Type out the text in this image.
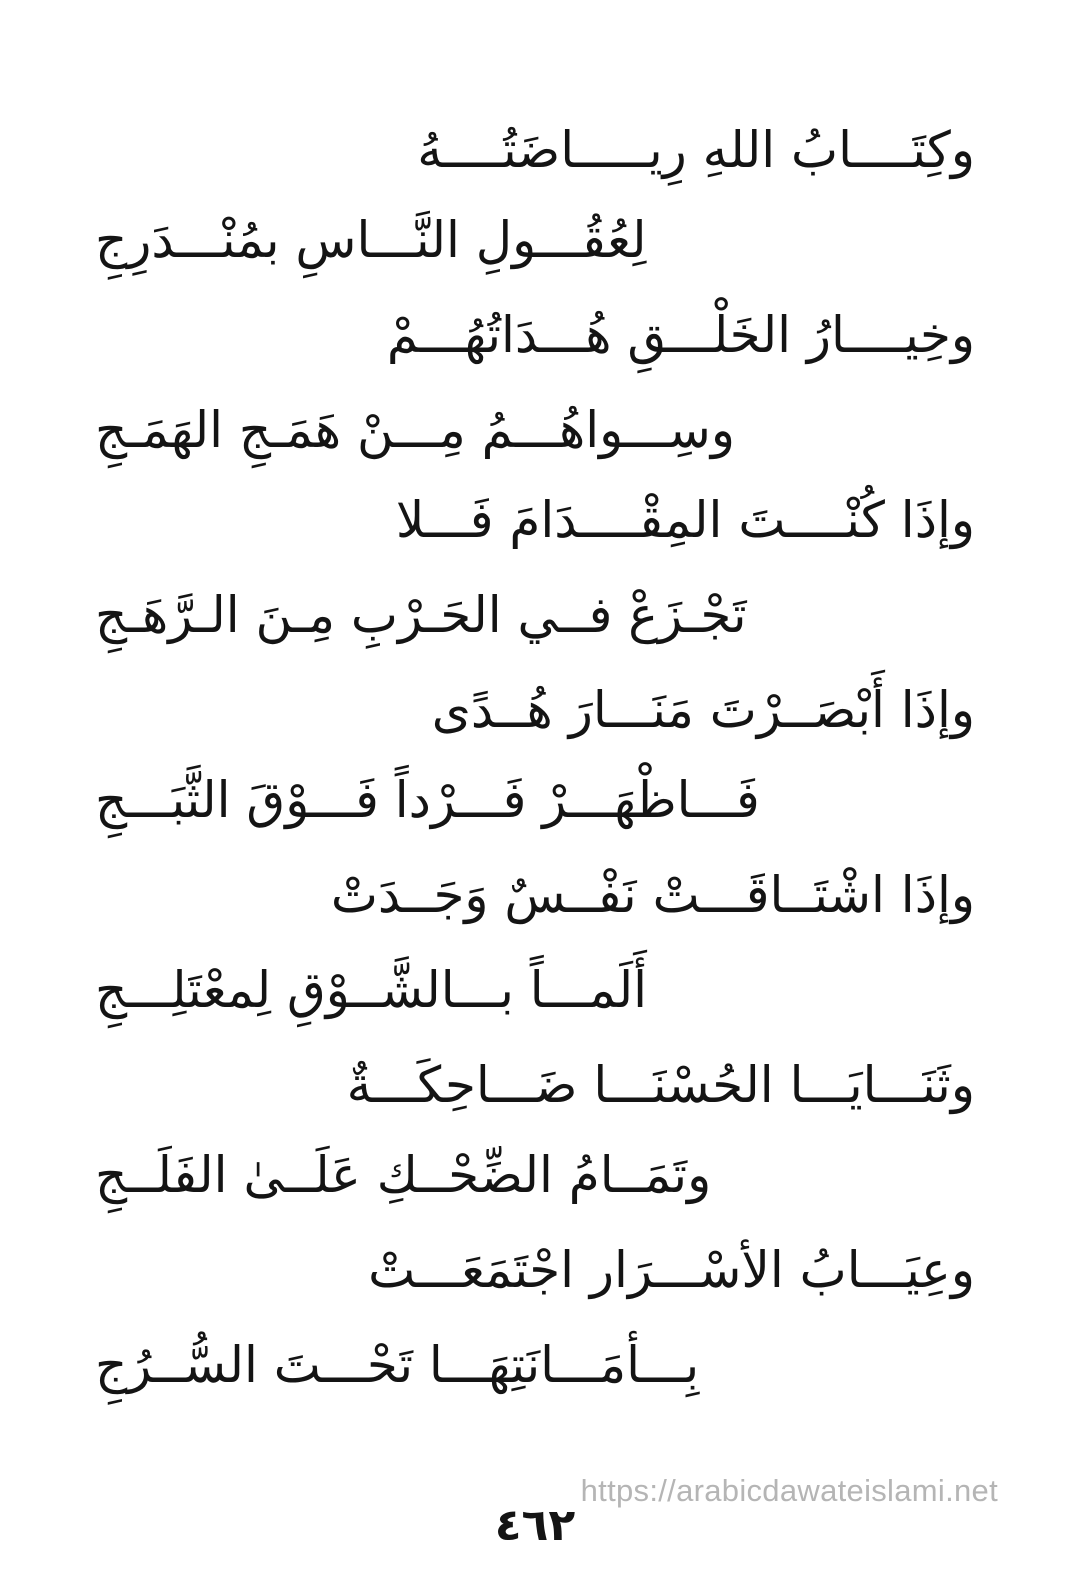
وكِتَــــابُ اللهِ رِيـــــاضَتُــــهُ
لِعُقُـــولِ النَّـــاسِ بمُنْـــدَرِجِ
وخِيــــارُ الخَلْـــقِ هُـــدَاتُهُـــمْ
وسِـــواهُـــمُ مِـــنْ هَمَـجِ الهَمَـجِ
وإذَا كُنْــــتَ المِقْــــدَامَ فَـــلا
تَجْـزَعْ فــي الحَـرْبِ مِـنَ الـرَّهَـجِ
وإذَا أَبْصَــرْتَ مَنَـــارَ هُــدًى
فَـــاظْهَـــرْ فَـــرْداً فَـــوْقَ الثَّبَـــجِ
وإذَا اشْتَــاقَـــتْ نَفْــسٌ وَجَــدَتْ
أَلَمـــاً بـــالشَّــوْقِ لِمعْتَلِـــجِ
وثَنَـــايَـــا الحُسْنَـــا ضَـــاحِكَـــةٌ
وتَمَــامُ الضِّحْــكِ عَلَــىٰ الفَلَــجِ
وعِيَـــابُ الأسْـــرَار اجْتَمَعَـــتْ
بِـــأمَـــانَتِهَـــا تَحْـــتَ السُّــرُجِ
https://arabicdawateislami.net
٤٦٢
